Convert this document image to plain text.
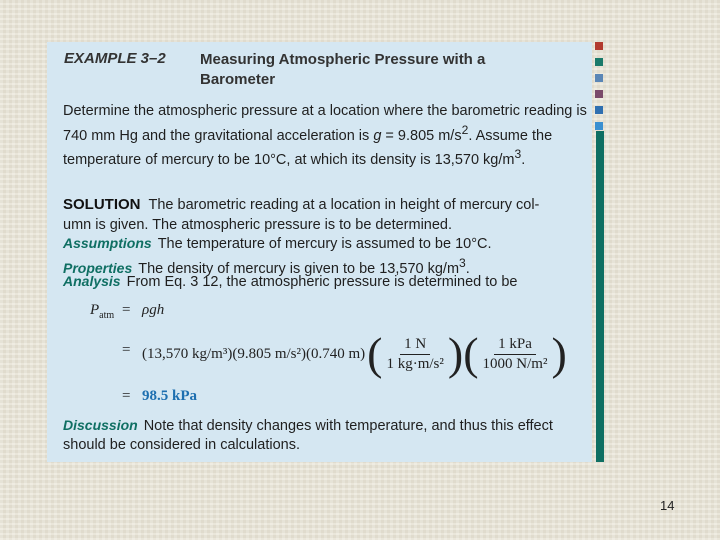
EXAMPLE 3–2 Measuring Atmospheric Pressure with a Barometer
Determine the atmospheric pressure at a location where the barometric reading is 740 mm Hg and the gravitational acceleration is g = 9.805 $m/s^2$. Assume the temperature of mercury to be 10°C, at which its density is 13,570 $kg/m^3$.
SOLUTION The barometric reading at a location in height of mercury col-
umn is given. The atmospheric pressure is to be determined.
Assumptions The temperature of mercury is assumed to be 10°C.
Properties The density of mercury is given to be 13,570 $kg/m^3$.
Analysis From Eq. 3 12, the atmospheric pressure is determined to be
$P_{atm} = \rho gh$
= (13,570 kg/m³)(9.805 m/s²)(0.740 m) ( $\frac{1 N}{\text{1 kg·m/s²}}$ )( $\frac{\text{1 kPa}}{\text{1000 N/m²}}$ )
= 98.5 kPa
Discussion Note that density changes with temperature, and thus this effect should be considered in calculations.
14
